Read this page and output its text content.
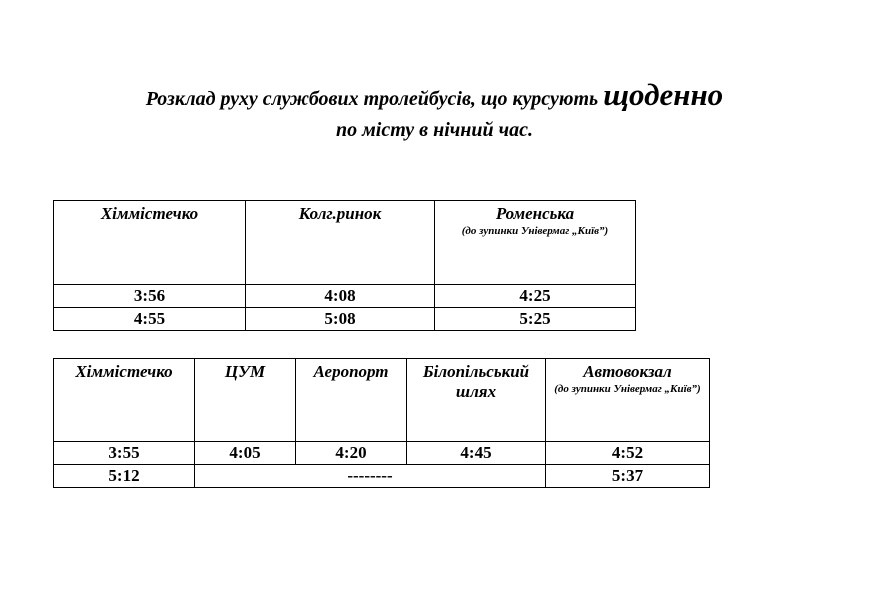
Розклад руху службових тролейбусів, що курсують щоденно
по місту в нічний час.
Хіммістечко	Колг.ринок	Роменська
(до зупинки Універмаг „Київ”)

3:56	4:08	4:25
4:55	5:08	5:25
Хіммістечко	ЦУМ	Аеропорт	Білопільський шлях	Автовокзал
(до зупинки Універмаг „Київ”)

3:55	4:05	4:20	4:45	4:52
5:12	--------			5:37
